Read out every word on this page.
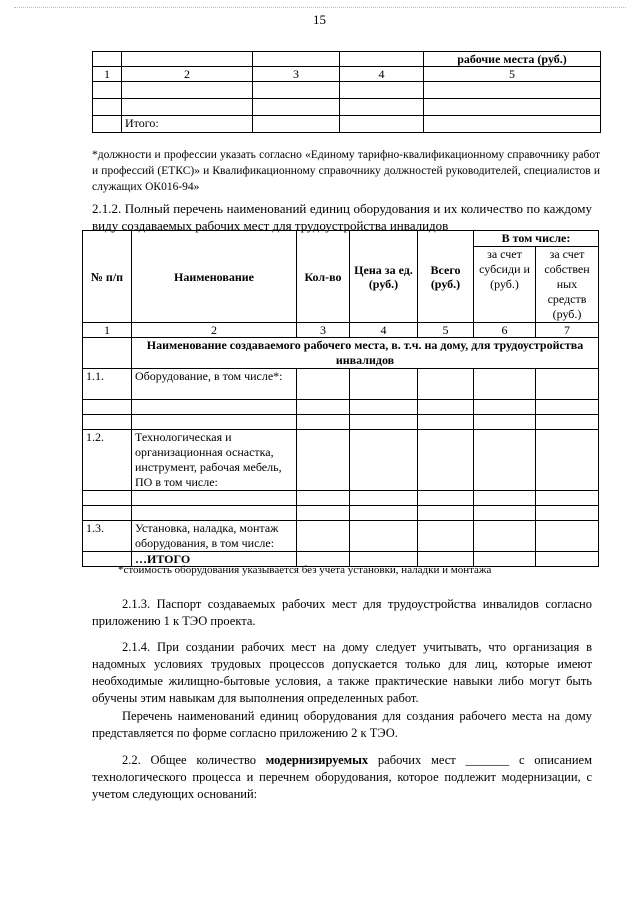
15
				рабочие места (руб.)
1	2	3	4	5

	Итого:			

*должности и профессии указать согласно «Единому тарифно-квалификационному справочнику работ и профессий (ЕТКС)» и Квалификационному справочнику должностей руководителей, специалистов и служащих ОК016-94»

2.1.2. Полный перечень наименований единиц оборудования и их количество по каждому виду создаваемых рабочих мест для трудоустройства инвалидов

№ п/п	Наименование	Кол-во	Цена за ед. (руб.)	Всего (руб.)	В том числе:	
					за счет субсиди и (руб.)	за счет собствен ных средств (руб.)
1	2	3	4	5	6	7
	Наименование создаваемого рабочего места, в. т.ч. на дому, для трудоустройства инвалидов					
1.1.	Оборудование, в том числе*:					

1.2.	Технологическая и организационная оснастка, инструмент, рабочая мебель, ПО в том числе:					

1.3.	Установка, наладка, монтаж оборудования, в том числе:					
	…ИТОГО					

*стоимость оборудования указывается без учета установки, наладки и монтажа

2.1.3. Паспорт создаваемых рабочих мест для трудоустройства инвалидов согласно приложению 1 к ТЭО проекта.

2.1.4. При создании рабочих мест на дому следует учитывать, что организация в надомных условиях трудовых процессов допускается только для лиц, которые имеют необходимые жилищно-бытовые условия, а также практические навыки либо могут быть обучены этим навыкам для выполнения определенных работ.

Перечень наименований единиц оборудования для создания рабочего места на дому представляется по форме согласно приложению 2 к ТЭО.

2.2. Общее количество модернизируемых рабочих мест _______ с описанием технологического процесса и перечнем оборудования, которое подлежит модернизации, с учетом следующих оснований:
